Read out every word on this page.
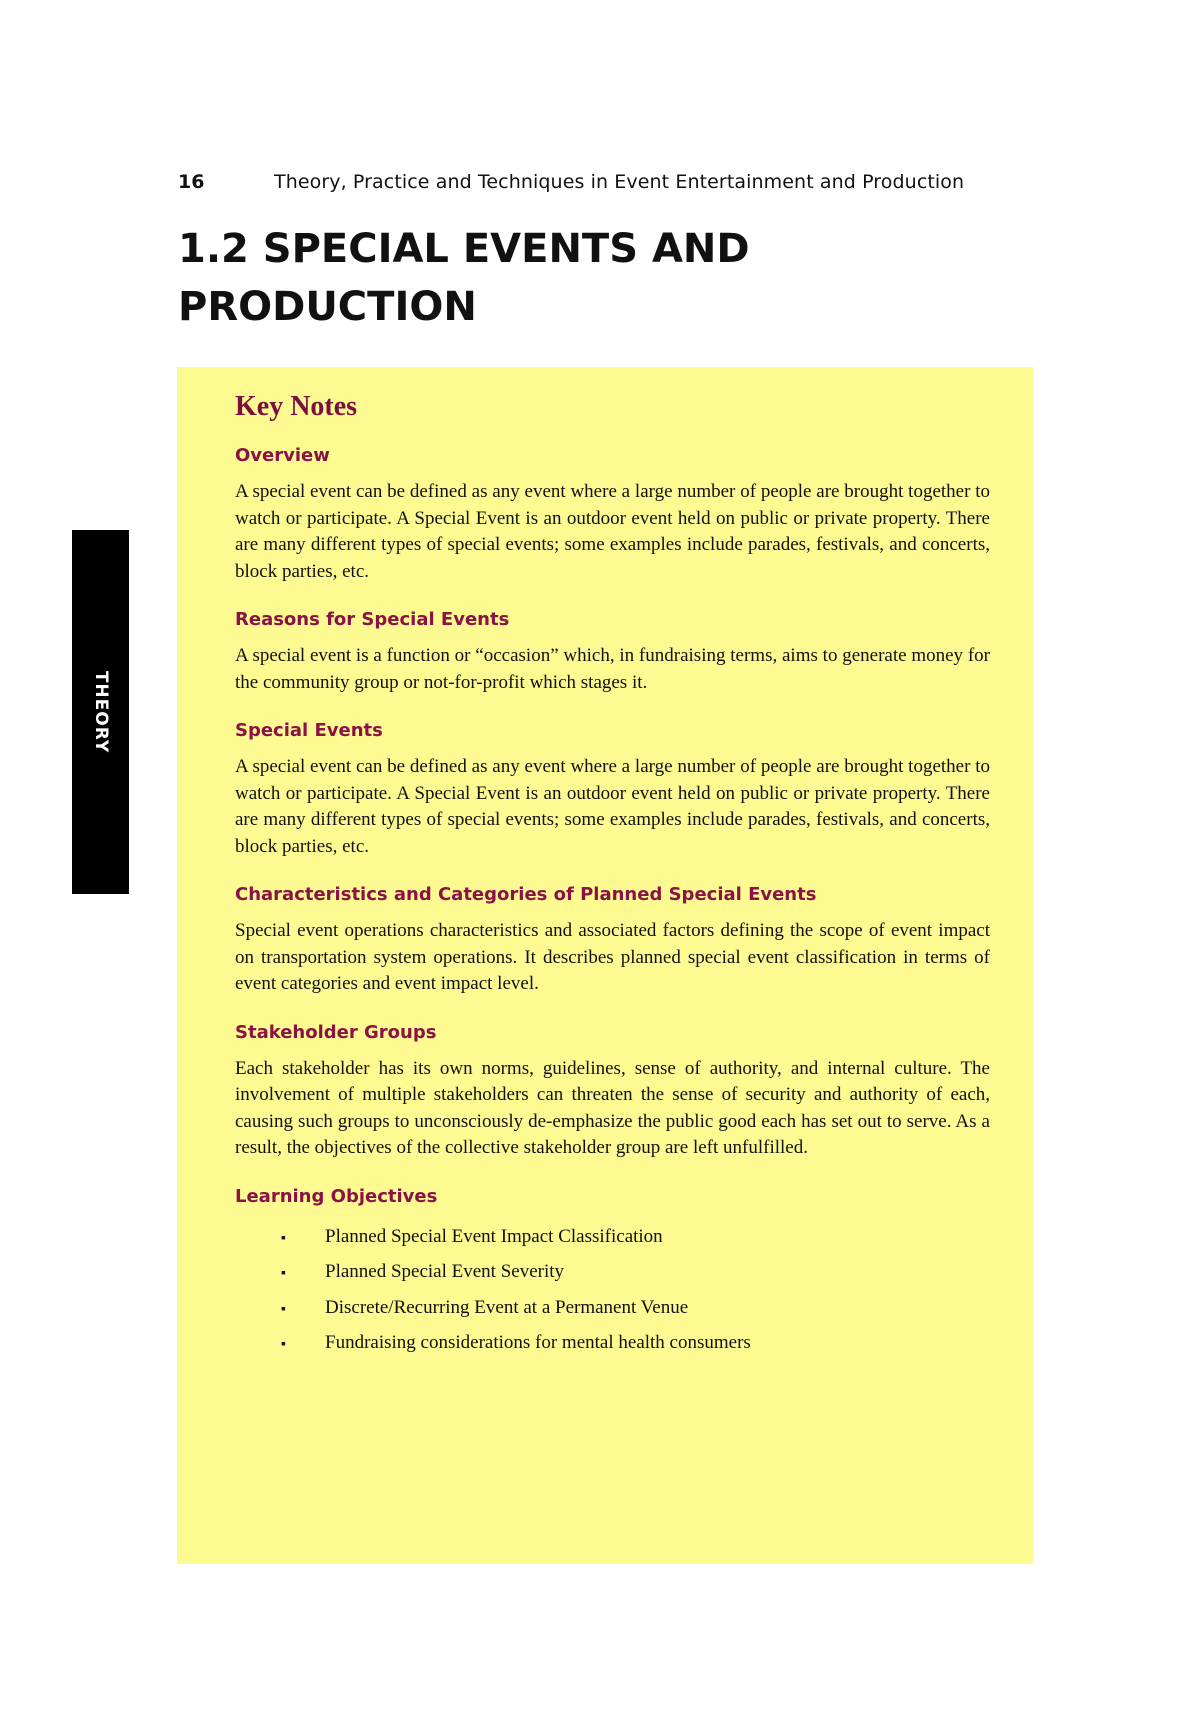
16	Theory, Practice and Techniques in Event Entertainment and Production
1.2 SPECIAL EVENTS AND PRODUCTION
THEORY
Key Notes
Overview

A special event can be defined as any event where a large number of people are brought together to watch or participate. A Special Event is an outdoor event held on public or private property. There are many different types of special events; some examples include parades, festivals, and concerts, block parties, etc.

Reasons for Special Events

A special event is a function or “occasion” which, in fundraising terms, aims to generate money for the community group or not-for-profit which stages it.

Special Events

A special event can be defined as any event where a large number of people are brought together to watch or participate. A Special Event is an outdoor event held on public or private property. There are many different types of special events; some examples include parades, festivals, and concerts, block parties, etc.

Characteristics and Categories of Planned Special Events

Special event operations characteristics and associated factors defining the scope of event impact on transportation system operations. It describes planned special event classification in terms of event categories and event impact level.

Stakeholder Groups

Each stakeholder has its own norms, guidelines, sense of authority, and internal culture. The involvement of multiple stakeholders can threaten the sense of security and authority of each, causing such groups to unconsciously de-emphasize the public good each has set out to serve. As a result, the objectives of the collective stakeholder group are left unfulfilled.

Learning Objectives
▪	Planned Special Event Impact Classification
▪	Planned Special Event Severity
▪	Discrete/Recurring Event at a Permanent Venue
▪	Fundraising considerations for mental health consumers
